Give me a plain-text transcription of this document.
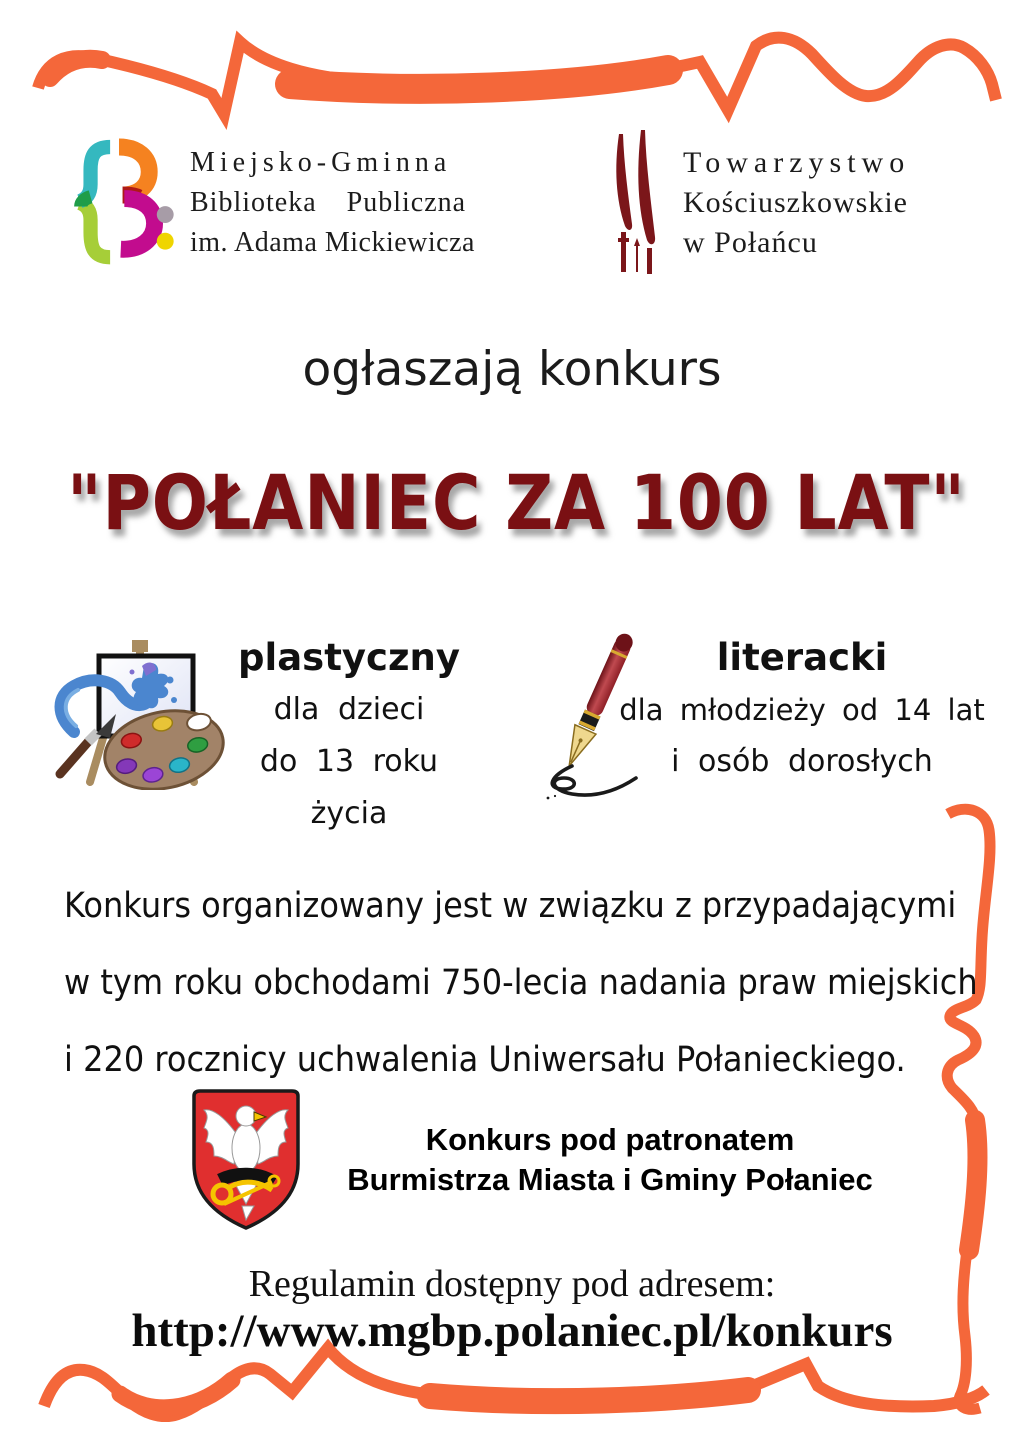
Miejsko-Gminna
Biblioteka Publiczna
im. Adama Mickiewicza
Towarzystwo
Kościuszkowskie
w Połańcu
ogłaszają konkurs
"POŁANIEC ZA 100 LAT"
plastyczny
dla dzieci
do 13 roku życia
literacki
dla młodzieży od 14 lat
i osób dorosłych
Konkurs organizowany jest w związku z przypadającymi
w tym roku obchodami 750-lecia nadania praw miejskich
i 220 rocznicy uchwalenia Uniwersału Połanieckiego.
Konkurs pod patronatem
Burmistrza Miasta i Gminy Połaniec
Regulamin dostępny pod adresem:
http://www.mgbp.polaniec.pl/konkurs
